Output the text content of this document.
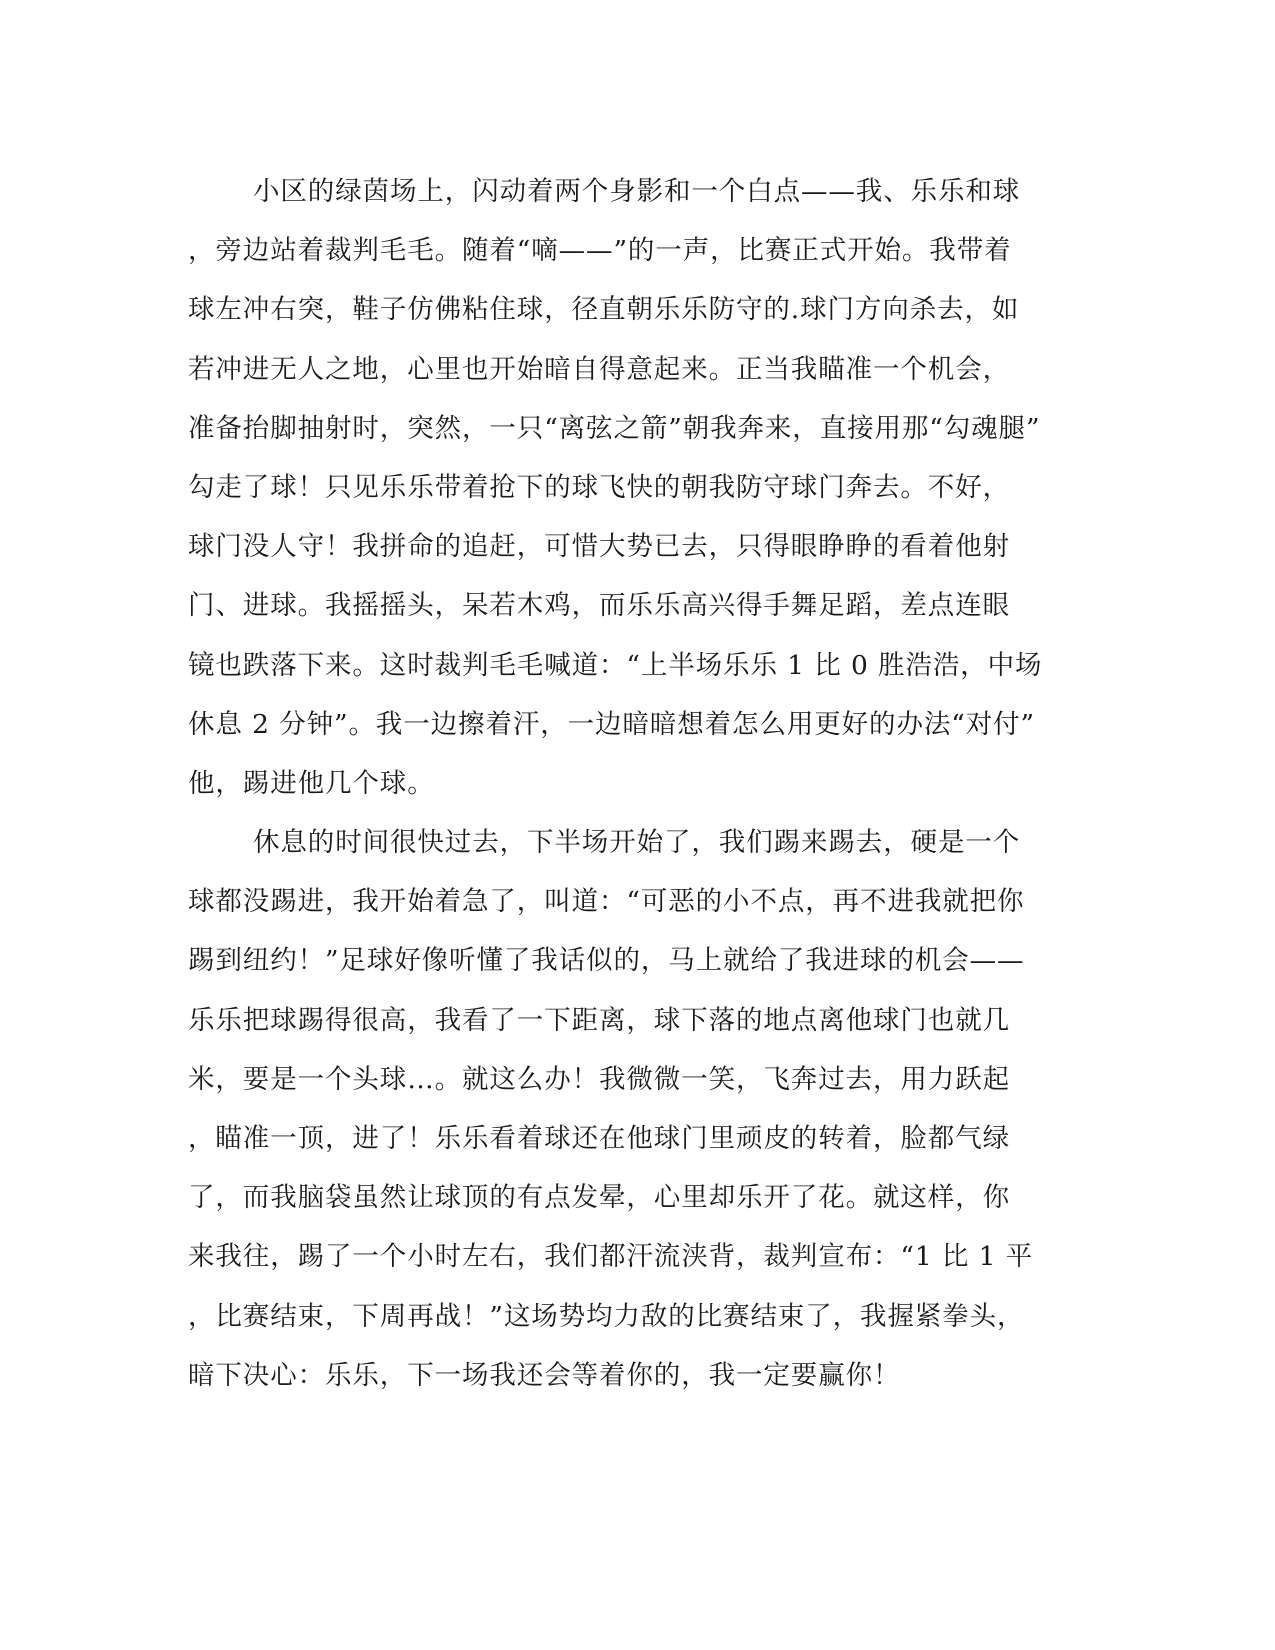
小区的绿茵场上，闪动着两个身影和一个白点——我、乐乐和球
，旁边站着裁判毛毛。随着“嘀——”的一声，比赛正式开始。我带着
球左冲右突，鞋子仿佛粘住球，径直朝乐乐防守的.球门方向杀去，如
若冲进无人之地，心里也开始暗自得意起来。正当我瞄准一个机会，
准备抬脚抽射时，突然，一只“离弦之箭”朝我奔来，直接用那“勾魂腿”
勾走了球！只见乐乐带着抢下的球飞快的朝我防守球门奔去。不好，
球门没人守！我拼命的追赶，可惜大势已去，只得眼睁睁的看着他射
门、进球。我摇摇头，呆若木鸡，而乐乐高兴得手舞足蹈，差点连眼
镜也跌落下来。这时裁判毛毛喊道：“上半场乐乐 1 比 0 胜浩浩，中场
休息 2 分钟”。我一边擦着汗，一边暗暗想着怎么用更好的办法“对付”
他，踢进他几个球。
休息的时间很快过去，下半场开始了，我们踢来踢去，硬是一个
球都没踢进，我开始着急了，叫道：“可恶的小不点，再不进我就把你
踢到纽约！”足球好像听懂了我话似的，马上就给了我进球的机会——
乐乐把球踢得很高，我看了一下距离，球下落的地点离他球门也就几
米，要是一个头球…。就这么办！我微微一笑，飞奔过去，用力跃起
，瞄准一顶，进了！乐乐看着球还在他球门里顽皮的转着，脸都气绿
了，而我脑袋虽然让球顶的有点发晕，心里却乐开了花。就这样，你
来我往，踢了一个小时左右，我们都汗流浃背，裁判宣布：“1 比 1 平
，比赛结束，下周再战！”这场势均力敌的比赛结束了，我握紧拳头，
暗下决心：乐乐，下一场我还会等着你的，我一定要赢你！
